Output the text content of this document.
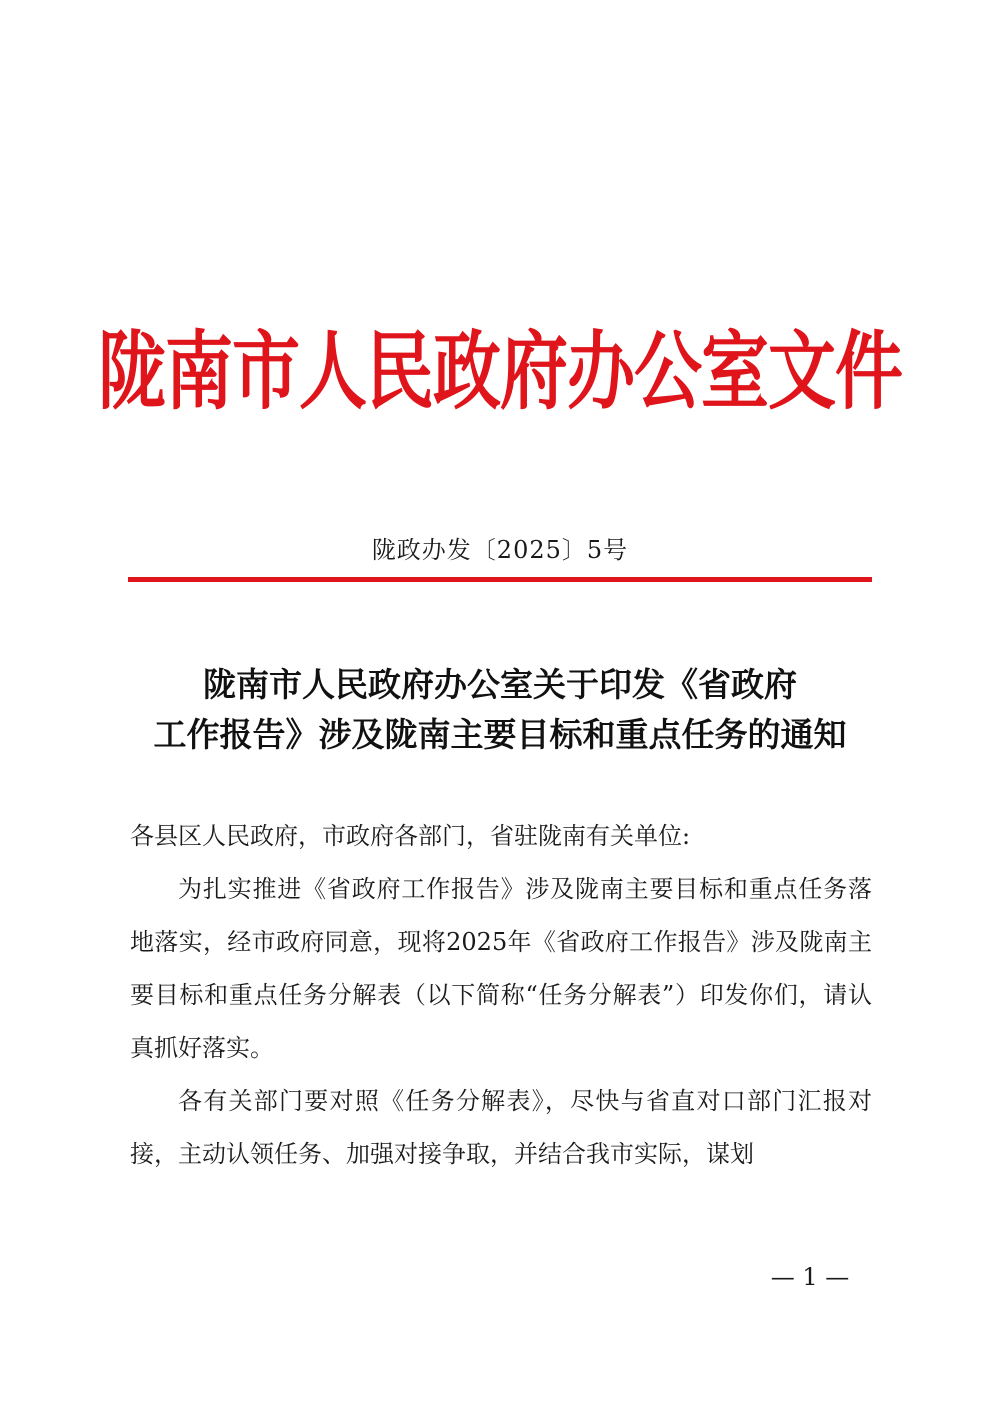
陇南市人民政府办公室文件
陇政办发〔2025〕5号
陇南市人民政府办公室关于印发《省政府
工作报告》涉及陇南主要目标和重点任务的通知

各县区人民政府，市政府各部门，省驻陇南有关单位:

为扎实推进《省政府工作报告》涉及陇南主要目标和重点任务落地落实，经市政府同意，现将2025年《省政府工作报告》涉及陇南主要目标和重点任务分解表（以下简称“任务分解表”）印发你们，请认真抓好落实。

各有关部门要对照《任务分解表》，尽快与省直对口部门汇报对接，主动认领任务、加强对接争取，并结合我市实际，谋划

— 1 —
